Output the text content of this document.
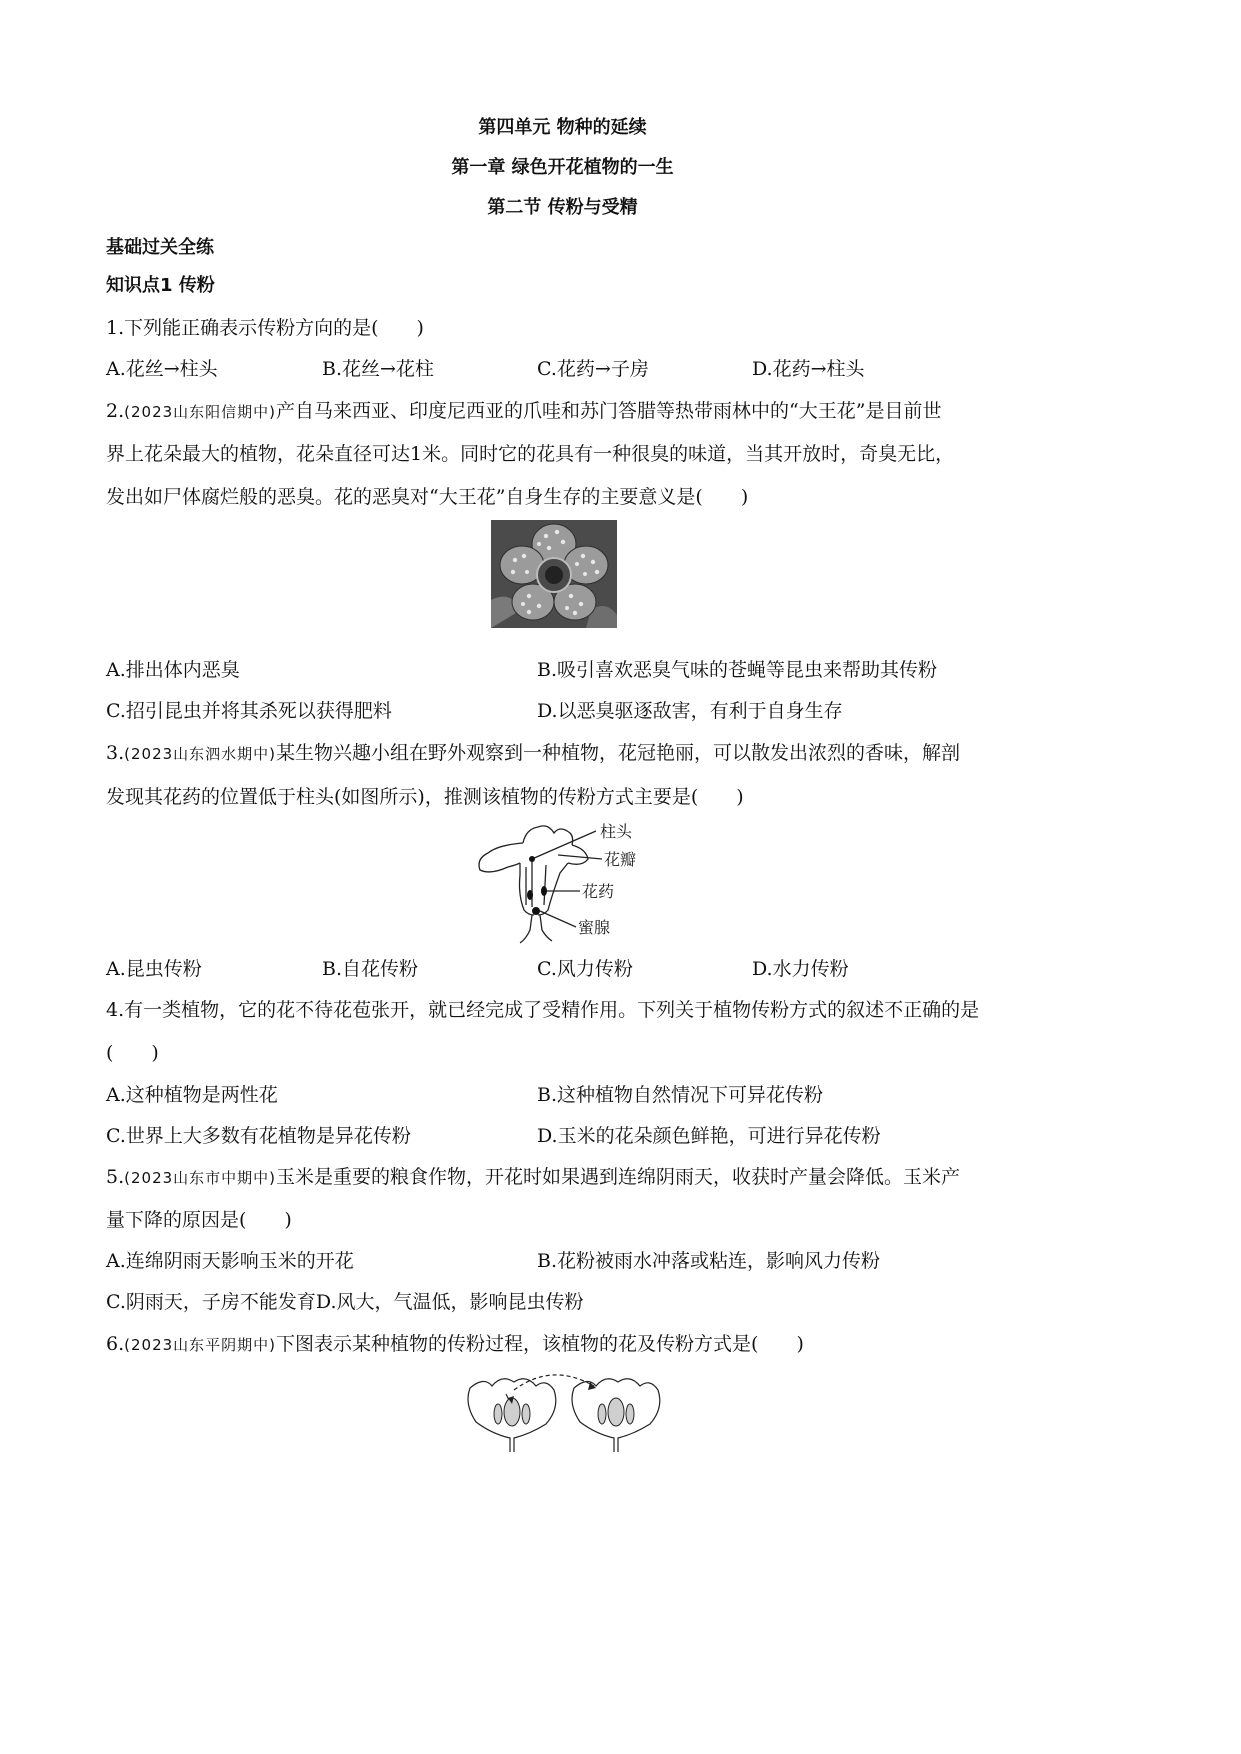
第四单元 物种的延续
第一章 绿色开花植物的一生
第二节 传粉与受精
基础过关全练
知识点1 传粉
1.下列能正确表示传粉方向的是(　　)
A.花丝→柱头	B.花丝→花柱	C.花药→子房	D.花药→柱头
2.(2023山东阳信期中)产自马来西亚、印度尼西亚的爪哇和苏门答腊等热带雨林中的“大王花”是目前世
界上花朵最大的植物，花朵直径可达1米。同时它的花具有一种很臭的味道，当其开放时，奇臭无比，
发出如尸体腐烂般的恶臭。花的恶臭对“大王花”自身生存的主要意义是(　　)
A.排出体内恶臭	B.吸引喜欢恶臭气味的苍蝇等昆虫来帮助其传粉
C.招引昆虫并将其杀死以获得肥料	D.以恶臭驱逐敌害，有利于自身生存
3.(2023山东泗水期中)某生物兴趣小组在野外观察到一种植物，花冠艳丽，可以散发出浓烈的香味，解剖
发现其花药的位置低于柱头(如图所示)，推测该植物的传粉方式主要是(　　)
柱头
花瓣
花药
蜜腺
A.昆虫传粉	B.自花传粉	C.风力传粉	D.水力传粉
4.有一类植物，它的花不待花苞张开，就已经完成了受精作用。下列关于植物传粉方式的叙述不正确的是
(　　)
A.这种植物是两性花	B.这种植物自然情况下可异花传粉
C.世界上大多数有花植物是异花传粉	D.玉米的花朵颜色鲜艳，可进行异花传粉
5.(2023山东市中期中)玉米是重要的粮食作物，开花时如果遇到连绵阴雨天，收获时产量会降低。玉米产
量下降的原因是(　　)
A.连绵阴雨天影响玉米的开花	B.花粉被雨水冲落或粘连，影响风力传粉
C.阴雨天，子房不能发育D.风大，气温低，影响昆虫传粉
6.(2023山东平阴期中)下图表示某种植物的传粉过程，该植物的花及传粉方式是(　　)
